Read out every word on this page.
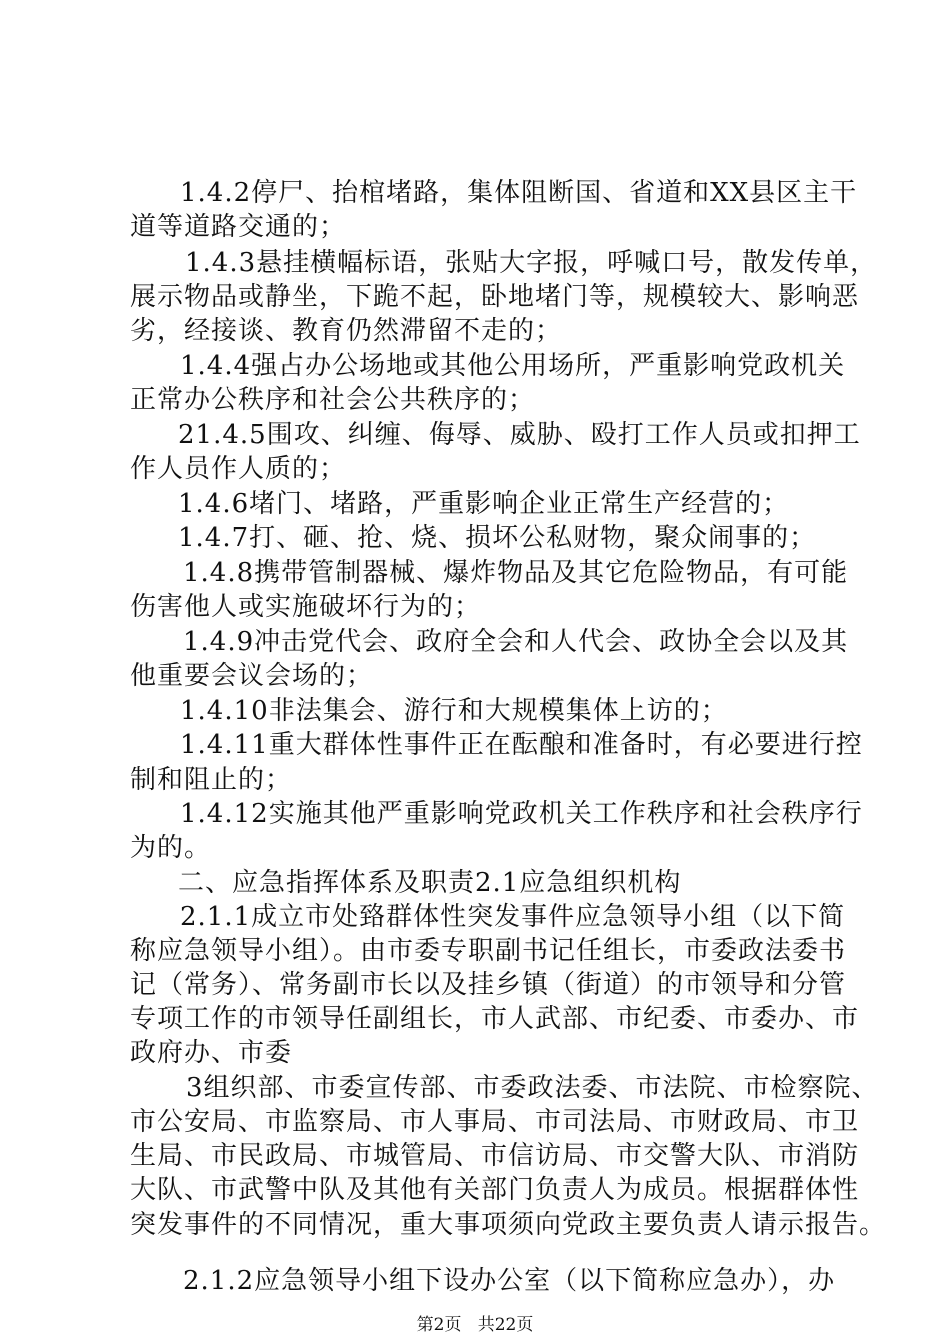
1.4.2停尸、抬棺堵路，集体阻断国、省道和XX县区主干
道等道路交通的；
1.4.3悬挂横幅标语，张贴大字报，呼喊口号，散发传单，
展示物品或静坐，下跪不起，卧地堵门等，规模较大、影响恶
劣，经接谈、教育仍然滞留不走的；
1.4.4强占办公场地或其他公用场所，严重影响党政机关
正常办公秩序和社会公共秩序的；
21.4.5围攻、纠缠、侮辱、威胁、殴打工作人员或扣押工
作人员作人质的；
1.4.6堵门、堵路，严重影响企业正常生产经营的；
1.4.7打、砸、抢、烧、损坏公私财物，聚众闹事的；
1.4.8携带管制器械、爆炸物品及其它危险物品，有可能
伤害他人或实施破坏行为的；
1.4.9冲击党代会、政府全会和人代会、政协全会以及其
他重要会议会场的；
1.4.10非法集会、游行和大规模集体上访的；
1.4.11重大群体性事件正在酝酿和准备时，有必要进行控
制和阻止的；
1.4.12实施其他严重影响党政机关工作秩序和社会秩序行
为的。
二、应急指挥体系及职责2.1应急组织机构
2.1.1成立市处臵群体性突发事件应急领导小组（以下简
称应急领导小组）。由市委专职副书记任组长，市委政法委书
记（常务）、常务副市长以及挂乡镇（街道）的市领导和分管
专项工作的市领导任副组长，市人武部、市纪委、市委办、市
政府办、市委
3组织部、市委宣传部、市委政法委、市法院、市检察院、
市公安局、市监察局、市人事局、市司法局、市财政局、市卫
生局、市民政局、市城管局、市信访局、市交警大队、市消防
大队、市武警中队及其他有关部门负责人为成员。根据群体性
突发事件的不同情况，重大事项须向党政主要负责人请示报告。
2.1.2应急领导小组下设办公室（以下简称应急办），办
第2页 共22页
